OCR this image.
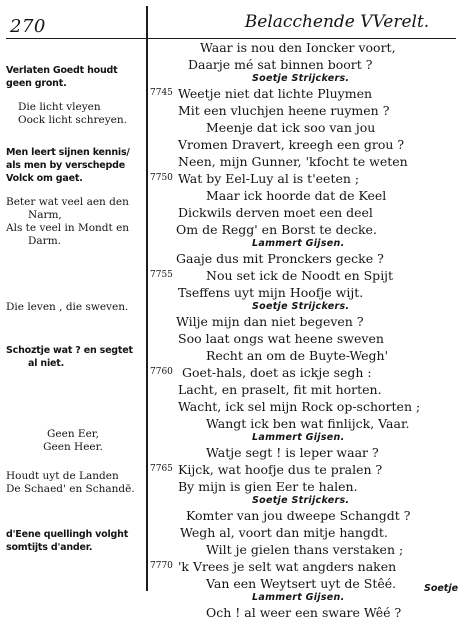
270	Belacchende VVerelt.
Verlaten Goedt houdt
geen gront.
Die licht vleyen
Oock licht schreyen.
Men leert sijnen kennis/
als men by verschepde
Volck om gaet.
Beter wat veel aen den
Narm,
Als te veel in Mondt en
Darm.
Die leven , die sweven.
Schoztje wat ? en segtet
al niet.
Geen Eer,
Geen Heer.
Houdt uyt de Landen
De Schaed' en Schandē.
d'Eene quellingh volght
somtijts d'ander.
Waar is nou den Ioncker voort,
Daarje mé sat binnen boort ?
Soetje Strijckers.
Weetje niet dat lichte Pluymen
7745
Mit een vluchjen heene ruymen ?
Meenje dat ick soo van jou
Vromen Dravert, kreegh een grou ?
Neen, mijn Gunner, 'kfocht te weten
Wat by Eel-Luy al is t'eeten ;
7750
Maar ick hoorde dat de Keel
Dickwils derven moet een deel
Om de Regg' en Borst te decke.
Lammert Gijsen.
Gaaje dus mit Pronckers gecke ?
Nou set ick de Noodt en Spijt
7755
Tseffens uyt mijn Hoofje wijt.
Soetje Strijckers.
Wilje mijn dan niet begeven ?
Soo laat ongs wat heene sweven
Recht an om de Buyte-Wegh'
Goet-hals, doet as ickje segh :
7760
Lacht, en praselt, fit mit horten.
Wacht, ick sel mijn Rock op-schorten ;
Wangt ick ben wat finlijck, Vaar.
Lammert Gijsen.
Watje segt ! is leper waar ?
Kijck, wat hoofje dus te pralen ?
7765
By mijn is gien Eer te halen.
Soetje Strijckers.
Komter van jou dweepe Schangdt ?
Wegh al, voort dan mitje hangdt.
Wilt je gielen thans verstaken ;
'k Vrees je selt wat angders naken
7770
Van een Weytsert uyt de Stêé.
Lammert Gijsen.
Och ! al weer een sware Wêé ?
Soetje
